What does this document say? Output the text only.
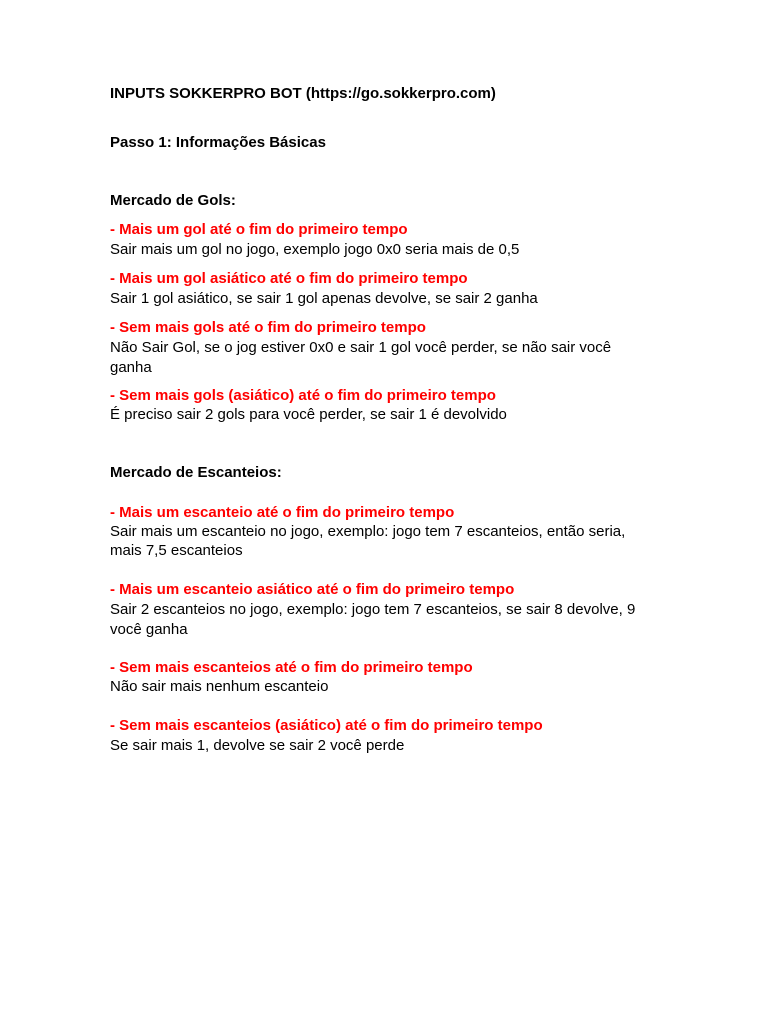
INPUTS SOKKERPRO BOT (https://go.sokkerpro.com)

Passo 1: Informações Básicas

Mercado de Gols:

- Mais um gol até o fim do primeiro tempo

Sair mais um gol no jogo, exemplo jogo 0x0 seria mais de 0,5

- Mais um gol asiático até o fim do primeiro tempo

Sair 1 gol asiático, se sair 1 gol apenas devolve, se sair 2 ganha

- Sem mais gols até o fim do primeiro tempo

Não Sair Gol, se o jog estiver 0x0 e sair 1 gol você perder, se não sair você

ganha

- Sem mais gols (asiático) até o fim do primeiro tempo

É preciso sair 2 gols para você perder, se sair 1 é devolvido

Mercado de Escanteios:

- Mais um escanteio até o fim do primeiro tempo

Sair mais um escanteio no jogo, exemplo: jogo tem 7 escanteios, então seria,

mais 7,5 escanteios

- Mais um escanteio asiático até o fim do primeiro tempo

Sair 2 escanteios no jogo, exemplo: jogo tem 7 escanteios, se sair 8 devolve, 9

você ganha

- Sem mais escanteios até o fim do primeiro tempo

Não sair mais nenhum escanteio

- Sem mais escanteios (asiático) até o fim do primeiro tempo

Se sair mais 1, devolve se sair 2 você perde
